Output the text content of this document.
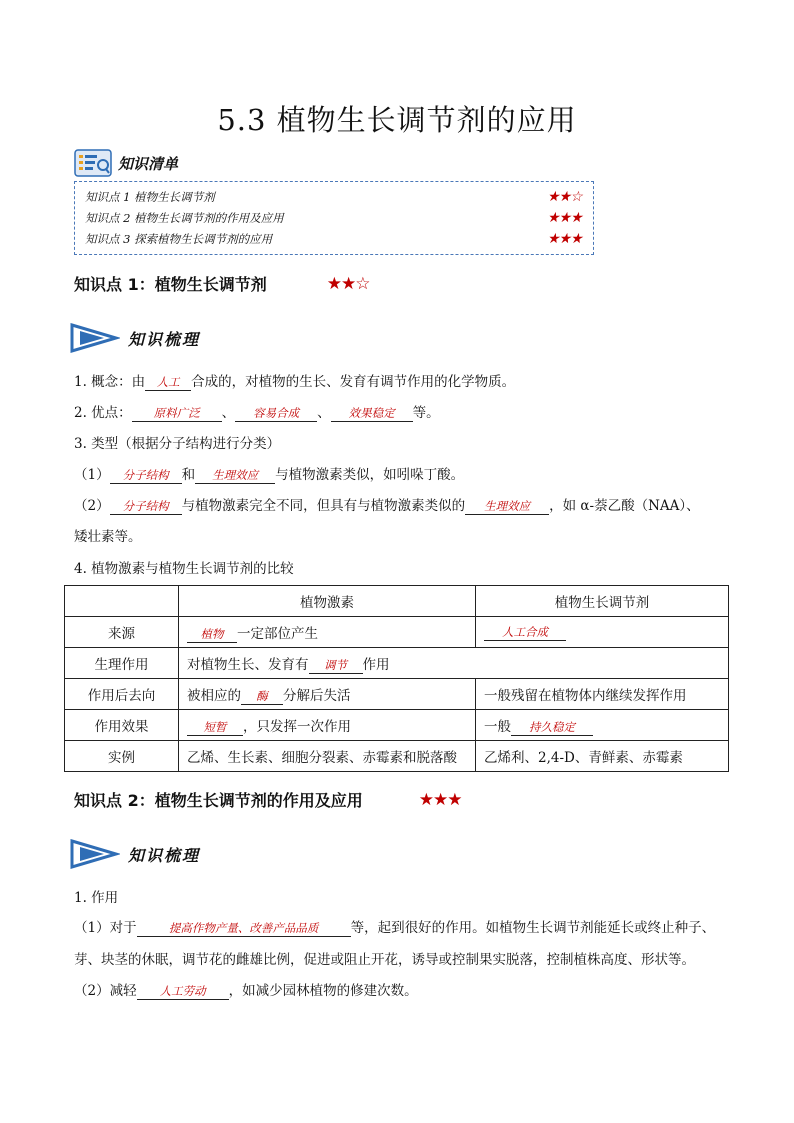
5.3 植物生长调节剂的应用
知识清单
知识点 1 植物生长调节剂	★★☆
知识点 2 植物生长调节剂的作用及应用	★★★
知识点 3 探索植物生长调节剂的应用	★★★
知识点 1：植物生长调节剂	★★☆
知识梳理
1. 概念：由 人工 合成的，对植物的生长、发育有调节作用的化学物质。
2. 优点： 原料广泛 、 容易合成 、 效果稳定 等。
3. 类型（根据分子结构进行分类）
（1） 分子结构 和 生理效应 与植物激素类似，如吲哚丁酸。
（2） 分子结构 与植物激素完全不同，但具有与植物激素类似的 生理效应 ，如 α-萘乙酸（NAA）、
矮壮素等。
4. 植物激素与植物生长调节剂的比较
	植物激素	植物生长调节剂
来源	植物 一定部位产生	人工合成
生理作用	对植物生长、发育有 调节 作用	
作用后去向	被相应的 酶 分解后失活	一般残留在植物体内继续发挥作用
作用效果	短暂 ，只发挥一次作用	一般 持久稳定
实例	乙烯、生长素、细胞分裂素、赤霉素和脱落酸	乙烯利、2,4-D、青鲜素、赤霉素
知识点 2：植物生长调节剂的作用及应用	★★★
知识梳理
1. 作用
（1）对于	提高作物产量、改善产品品质 等，起到很好的作用。如植物生长调节剂能延长或终止种子、
芽、块茎的休眠，调节花的雌雄比例，促进或阻止开花，诱导或控制果实脱落，控制植株高度、形状等。
（2）减轻 人工劳动 ，如减少园林植物的修建次数。
